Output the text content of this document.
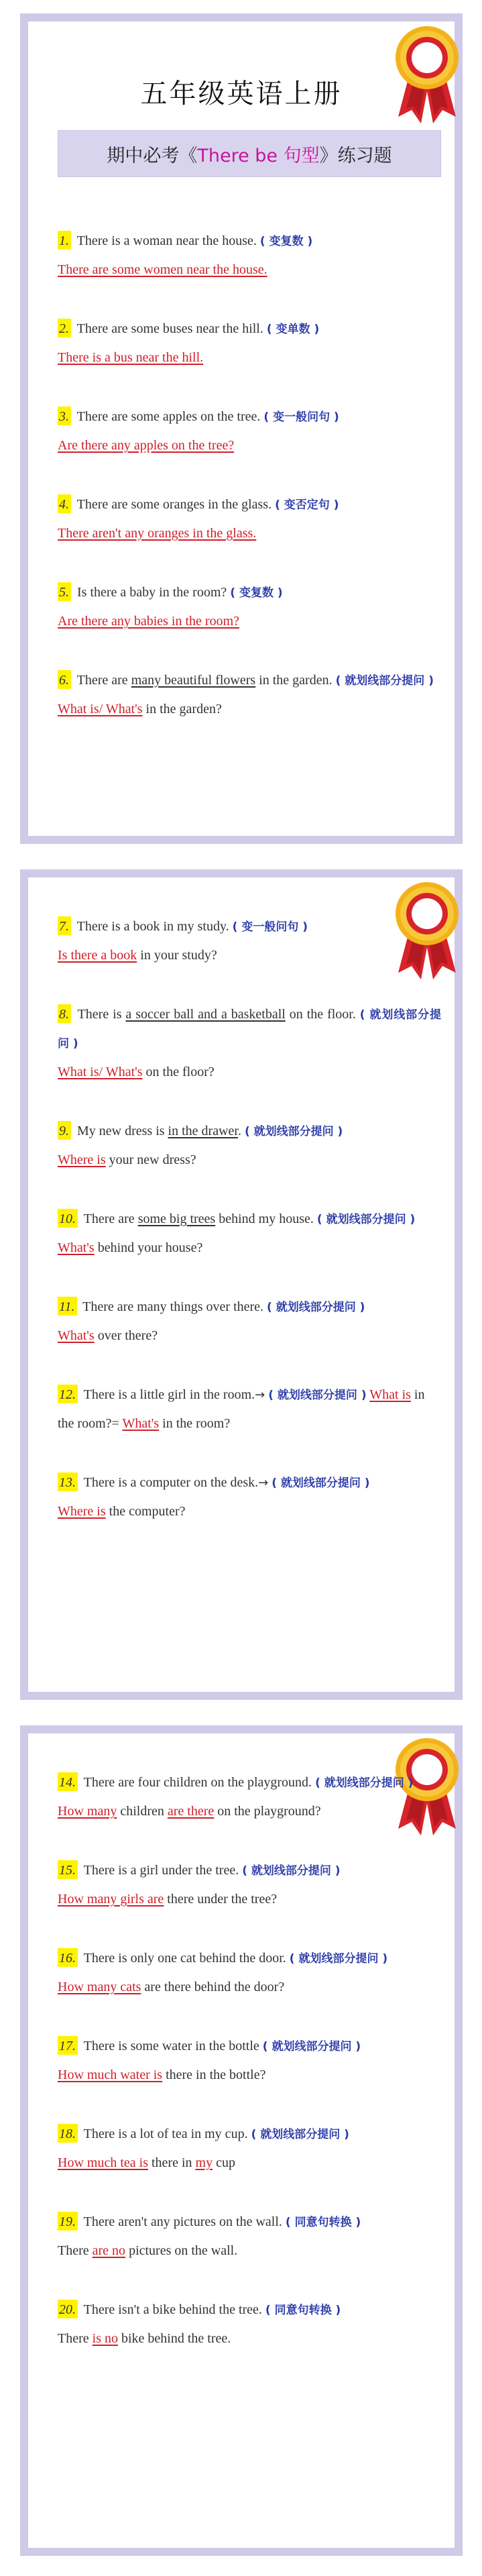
五年级英语上册
期中必考《 There be 句型 》练习题
1. There is a woman near the house. ( 变复数 )
There are some women near the house.
2. There are some buses near the hill. ( 变单数 )
There is a bus near the hill.
3. There are some apples on the tree. ( 变一般问句 )
Are there any apples on the tree?
4. There are some oranges in the glass. ( 变否定句 )
There aren't any oranges in the glass.
5. Is there a baby in the room? ( 变复数 )
Are there any babies in the room?
6. There are many beautiful flowers in the garden. ( 就划线部分提问 )
What is/ What's in the garden?
7. There is a book in my study. ( 变一般问句 )
Is there a book in your study?
8. There is a soccer ball and a basketball on the floor. ( 就划线部分提问 )
What is/ What's on the floor?
9. My new dress is in the drawer. ( 就划线部分提问 )
Where is your new dress?
10. There are some big trees behind my house. ( 就划线部分提问 )
What's behind your house?
11. There are many things over there. ( 就划线部分提问 )
What's over there?
12. There is a little girl in the room.→ ( 就划线部分提问 ) What is in the room?= What's in the room?
13. There is a computer on the desk.→ ( 就划线部分提问 )
Where is the computer?
14. There are four children on the playground. ( 就划线部分提问 )
How many children are there on the playground?
15. There is a girl under the tree. ( 就划线部分提问 )
How many girls are there under the tree?
16. There is only one cat behind the door. ( 就划线部分提问 )
How many cats are there behind the door?
17. There is some water in the bottle ( 就划线部分提问 )
How much water is there in the bottle?
18. There is a lot of tea in my cup. ( 就划线部分提问 )
How much tea is there in my cup
19. There aren't any pictures on the wall. ( 同意句转换 )
There are no pictures on the wall.
20. There isn't a bike behind the tree. ( 同意句转换 )
There is no bike behind the tree.
